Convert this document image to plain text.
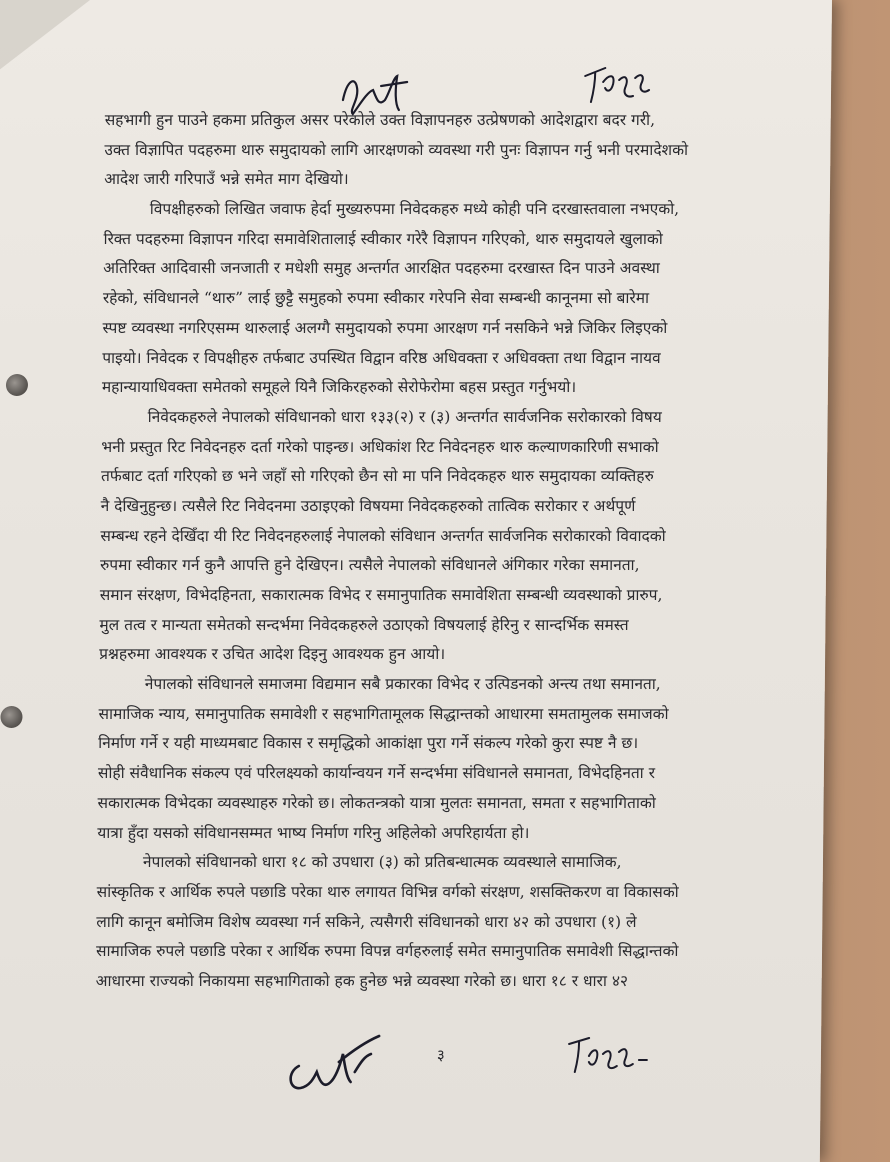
सहभागी हुन पाउने हकमा प्रतिकुल असर परेकोले उक्त विज्ञापनहरु उत्प्रेषणको आदेशद्वारा बदर गरी,
उक्त विज्ञापित पदहरुमा थारु समुदायको लागि आरक्षणको व्यवस्था गरी पुनः विज्ञापन गर्नु भनी परमादेशको
आदेश जारी गरिपाउँ भन्ने समेत माग देखियो।
विपक्षीहरुको लिखित जवाफ हेर्दा मुख्यरुपमा निवेदकहरु मध्ये कोही पनि दरखास्तवाला नभएको,
रिक्त पदहरुमा विज्ञापन गरिदा समावेशितालाई स्वीकार गरेरै विज्ञापन गरिएको, थारु समुदायले खुलाको
अतिरिक्त आदिवासी जनजाती र मधेशी समुह अन्तर्गत आरक्षित पदहरुमा दरखास्त दिन पाउने अवस्था
रहेको, संविधानले “थारु” लाई छुट्टै समुहको रुपमा स्वीकार गरेपनि सेवा सम्बन्धी कानूनमा सो बारेमा
स्पष्ट व्यवस्था नगरिएसम्म थारुलाई अलग्गै समुदायको रुपमा आरक्षण गर्न नसकिने भन्ने जिकिर लिइएको
पाइयो। निवेदक र विपक्षीहरु तर्फबाट उपस्थित विद्वान वरिष्ठ अधिवक्ता र अधिवक्ता तथा विद्वान नायव
महान्यायाधिवक्ता समेतको समूहले यिनै जिकिरहरुको सेरोफेरोमा बहस प्रस्तुत गर्नुभयो।
निवेदकहरुले नेपालको संविधानको धारा १३३(२) र (३) अन्तर्गत सार्वजनिक सरोकारको विषय
भनी प्रस्तुत रिट निवेदनहरु दर्ता गरेको पाइन्छ। अधिकांश रिट निवेदनहरु थारु कल्याणकारिणी सभाको
तर्फबाट दर्ता गरिएको छ भने जहाँ सो गरिएको छैन सो मा पनि निवेदकहरु थारु समुदायका व्यक्तिहरु
नै देखिनुहुन्छ। त्यसैले रिट निवेदनमा उठाइएको विषयमा निवेदकहरुको तात्विक सरोकार र अर्थपूर्ण
सम्बन्ध रहने देखिँदा यी रिट निवेदनहरुलाई नेपालको संविधान अन्तर्गत सार्वजनिक सरोकारको विवादको
रुपमा स्वीकार गर्न कुनै आपत्ति हुने देखिएन। त्यसैले नेपालको संविधानले अंगिकार गरेका समानता,
समान संरक्षण, विभेदहिनता, सकारात्मक विभेद र समानुपातिक समावेशिता सम्बन्धी व्यवस्थाको प्रारुप,
मुल तत्व र मान्यता समेतको सन्दर्भमा निवेदकहरुले उठाएको विषयलाई हेरिनु र सान्दर्भिक समस्त
प्रश्नहरुमा आवश्यक र उचित आदेश दिइनु आवश्यक हुन आयो।
नेपालको संविधानले समाजमा विद्यमान सबै प्रकारका विभेद र उत्पिडनको अन्त्य तथा समानता,
सामाजिक न्याय, समानुपातिक समावेशी र सहभागितामूलक सिद्धान्तको आधारमा समतामुलक समाजको
निर्माण गर्ने र यही माध्यमबाट विकास र समृद्धिको आकांक्षा पुरा गर्ने संकल्प गरेको कुरा स्पष्ट नै छ।
सोही संवैधानिक संकल्प एवं परिलक्ष्यको कार्यान्वयन गर्ने सन्दर्भमा संविधानले समानता, विभेदहिनता र
सकारात्मक विभेदका व्यवस्थाहरु गरेको छ। लोकतन्त्रको यात्रा मुलतः समानता, समता र सहभागिताको
यात्रा हुँदा यसको संविधानसम्मत भाष्य निर्माण गरिनु अहिलेको अपरिहार्यता हो।
नेपालको संविधानको धारा १८ को उपधारा (३) को प्रतिबन्धात्मक व्यवस्थाले सामाजिक,
सांस्कृतिक र आर्थिक रुपले पछाडि परेका थारु लगायत विभिन्न वर्गको संरक्षण, शसक्तिकरण वा विकासको
लागि कानून बमोजिम विशेष व्यवस्था गर्न सकिने, त्यसैगरी संविधानको धारा ४२ को उपधारा (१) ले
सामाजिक रुपले पछाडि परेका र आर्थिक रुपमा विपन्न वर्गहरुलाई समेत समानुपातिक समावेशी सिद्धान्तको
आधारमा राज्यको निकायमा सहभागिताको हक हुनेछ भन्ने व्यवस्था गरेको छ। धारा १८ र धारा ४२
३
